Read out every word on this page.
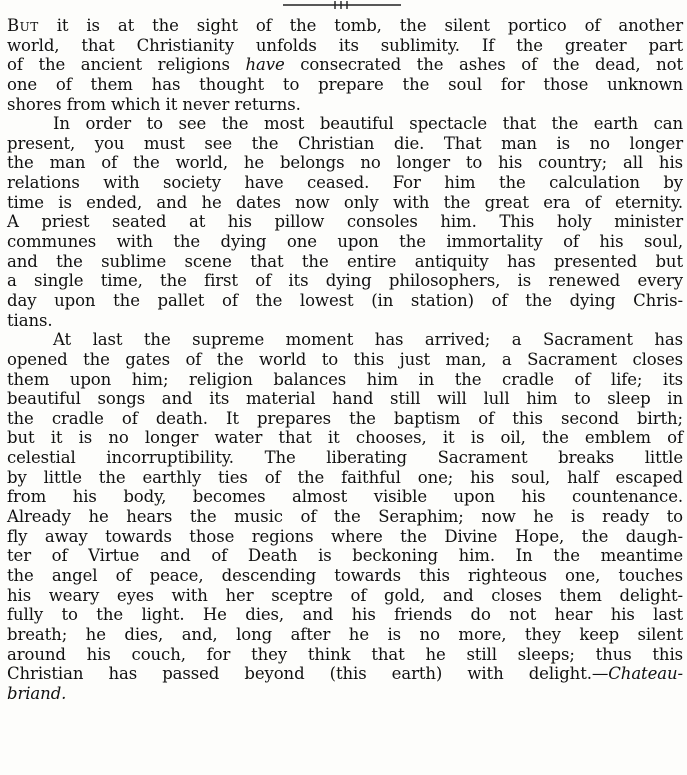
But it is at the sight of the tomb, the silent portico of another
world, that Christianity unfolds its sublimity. If the greater part
of the ancient religions have consecrated the ashes of the dead, not
one of them has thought to prepare the soul for those unknown
shores from which it never returns.
In order to see the most beautiful spectacle that the earth can
present, you must see the Christian die. That man is no longer
the man of the world, he belongs no longer to his country; all his
relations with society have ceased. For him the calculation by
time is ended, and he dates now only with the great era of eternity.
A priest seated at his pillow consoles him. This holy minister
communes with the dying one upon the immortality of his soul,
and the sublime scene that the entire antiquity has presented but
a single time, the first of its dying philosophers, is renewed every
day upon the pallet of the lowest (in station) of the dying Chris-
tians.
At last the supreme moment has arrived; a Sacrament has
opened the gates of the world to this just man, a Sacrament closes
them upon him; religion balances him in the cradle of life; its
beautiful songs and its material hand still will lull him to sleep in
the cradle of death. It prepares the baptism of this second birth;
but it is no longer water that it chooses, it is oil, the emblem of
celestial incorruptibility. The liberating Sacrament breaks little
by little the earthly ties of the faithful one; his soul, half escaped
from his body, becomes almost visible upon his countenance.
Already he hears the music of the Seraphim; now he is ready to
fly away towards those regions where the Divine Hope, the daugh-
ter of Virtue and of Death is beckoning him. In the meantime
the angel of peace, descending towards this righteous one, touches
his weary eyes with her sceptre of gold, and closes them delight-
fully to the light. He dies, and his friends do not hear his last
breath; he dies, and, long after he is no more, they keep silent
around his couch, for they think that he still sleeps; thus this
Christian has passed beyond (this earth) with delight.—Chateau-
briand.
